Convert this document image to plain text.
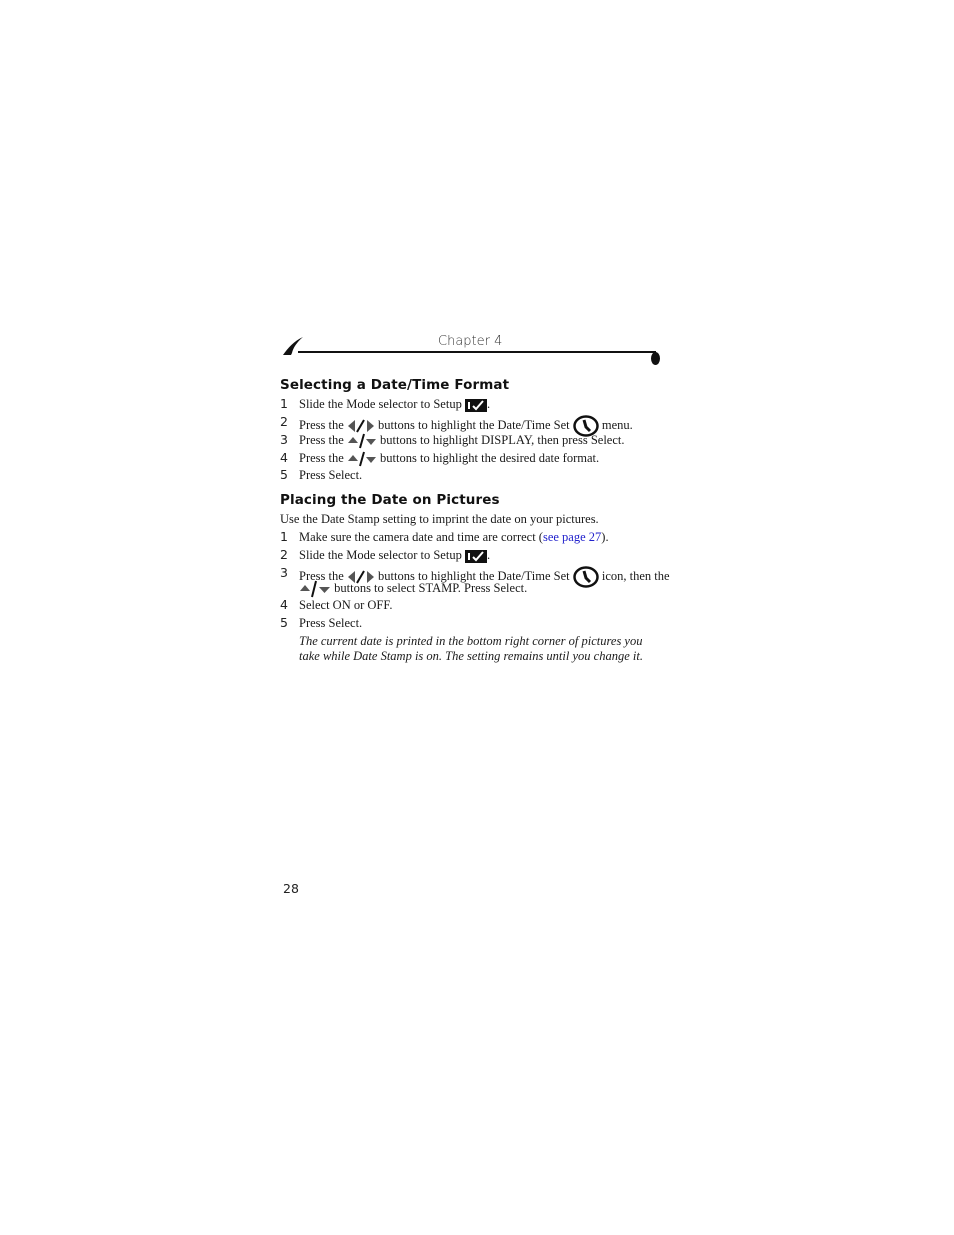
Chapter 4
Selecting a Date/Time Format
1 Slide the Mode selector to Setup .
2 Press the	buttons to highlight the Date/Time Set	menu.
3 Press the	buttons to highlight DISPLAY, then press Select.
4 Press the	buttons to highlight the desired date format.
5 Press Select.
Placing the Date on Pictures
Use the Date Stamp setting to imprint the date on your pictures.
1 Make sure the camera date and time are correct (see page 27).
2 Slide the Mode selector to Setup .
3 Press the	buttons to highlight the Date/Time Set	icon, then the
buttons to select STAMP. Press Select.
4 Select ON or OFF.
5 Press Select.
The current date is printed in the bottom right corner of pictures you take while Date Stamp is on. The setting remains until you change it.
28
